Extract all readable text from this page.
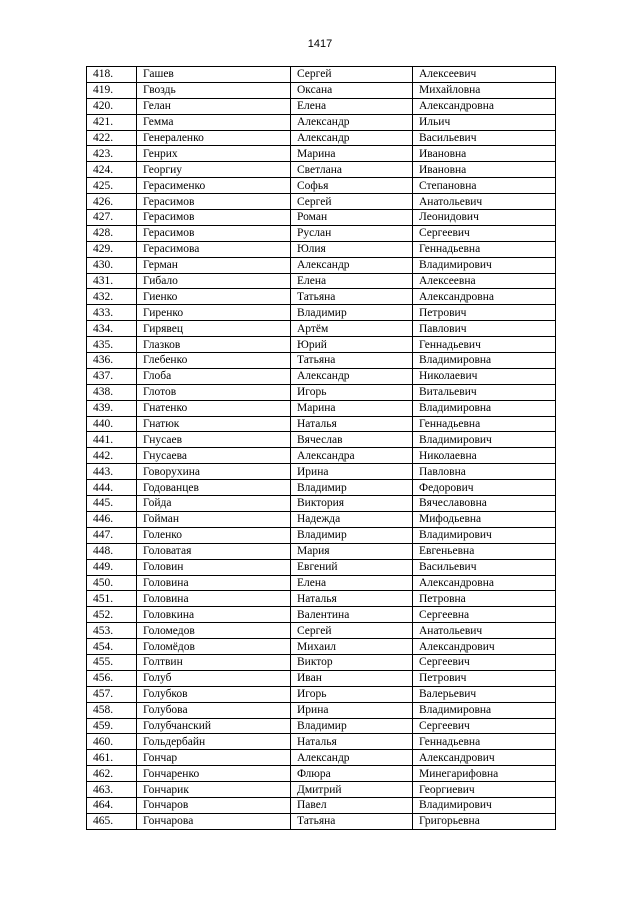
1417
418.	Гашев	Сергей	Алексеевич
419.	Гвоздь	Оксана	Михайловна
420.	Гелан	Елена	Александровна
421.	Гемма	Александр	Ильич
422.	Генераленко	Александр	Васильевич
423.	Генрих	Марина	Ивановна
424.	Георгиу	Светлана	Ивановна
425.	Герасименко	Софья	Степановна
426.	Герасимов	Сергей	Анатольевич
427.	Герасимов	Роман	Леонидович
428.	Герасимов	Руслан	Сергеевич
429.	Герасимова	Юлия	Геннадьевна
430.	Герман	Александр	Владимирович
431.	Гибало	Елена	Алексеевна
432.	Гиенко	Татьяна	Александровна
433.	Гиренко	Владимир	Петрович
434.	Гирявец	Артём	Павлович
435.	Глазков	Юрий	Геннадьевич
436.	Глебенко	Татьяна	Владимировна
437.	Глоба	Александр	Николаевич
438.	Глотов	Игорь	Витальевич
439.	Гнатенко	Марина	Владимировна
440.	Гнатюк	Наталья	Геннадьевна
441.	Гнусаев	Вячеслав	Владимирович
442.	Гнусаева	Александра	Николаевна
443.	Говорухина	Ирина	Павловна
444.	Годованцев	Владимир	Федорович
445.	Гойда	Виктория	Вячеславовна
446.	Гойман	Надежда	Мифодьевна
447.	Голенко	Владимир	Владимирович
448.	Головатая	Мария	Евгеньевна
449.	Головин	Евгений	Васильевич
450.	Головина	Елена	Александровна
451.	Головина	Наталья	Петровна
452.	Головкина	Валентина	Сергеевна
453.	Голомедов	Сергей	Анатольевич
454.	Голомёдов	Михаил	Александрович
455.	Голтвин	Виктор	Сергеевич
456.	Голуб	Иван	Петрович
457.	Голубков	Игорь	Валерьевич
458.	Голубова	Ирина	Владимировна
459.	Голубчанский	Владимир	Сергеевич
460.	Гольдербайн	Наталья	Геннадьевна
461.	Гончар	Александр	Александрович
462.	Гончаренко	Флюра	Минегарифовна
463.	Гончарик	Дмитрий	Георгиевич
464.	Гончаров	Павел	Владимирович
465.	Гончарова	Татьяна	Григорьевна
